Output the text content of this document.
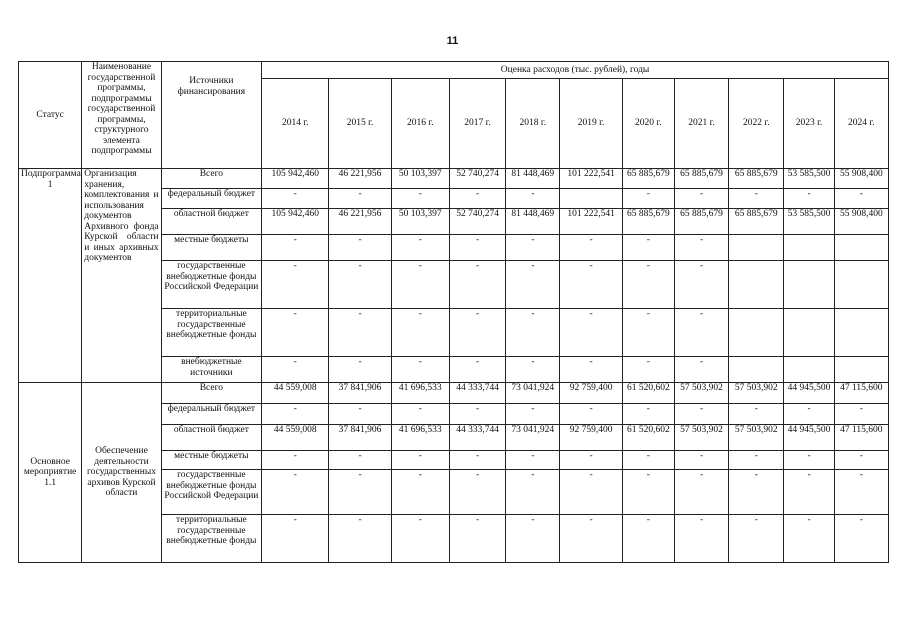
11
Статус	Наименование государственной программы, подпрограммы государственной программы, структурного элемента подпрограммы	Источники финансирования	Оценка расходов (тыс. рублей), годы										
			2014 г.	2015 г.	2016 г.	2017 г.	2018 г.	2019 г.	2020 г.	2021 г.	2022 г.	2023 г.	2024 г.
Подпрограмма 1	Организация хранения, комплектования и использования документов Архивного фонда Курской области и иных архивных документов	Всего	105 942,460	46 221,956	50 103,397	52 740,274	81 448,469	101 222,541	65 885,679	65 885,679	65 885,679	53 585,500	55 908,400
		федеральный бюджет	-	-	-	-	-		-	-	-	-	-
		областной бюджет	105 942,460	46 221,956	50 103,397	52 740,274	81 448,469	101 222,541	65 885,679	65 885,679	65 885,679	53 585,500	55 908,400
		местные бюджеты	-	-	-	-	-	-	-	-			
		государственные внебюджетные фонды Российской Федерации	-	-	-	-	-	-	-	-			
		территориальные государственные внебюджетные фонды	-	-	-	-	-	-	-	-			
		внебюджетные источники	-	-	-	-	-	-	-	-			
Основное мероприятие 1.1	Обеспечение деятельности государственных архивов Курской области	Всего	44 559,008	37 841,906	41 696,533	44 333,744	73 041,924	92 759,400	61 520,602	57 503,902	57 503,902	44 945,500	47 115,600
		федеральный бюджет	-	-	-	-	-	-	-	-	-	-	-
		областной бюджет	44 559,008	37 841,906	41 696,533	44 333,744	73 041,924	92 759,400	61 520,602	57 503,902	57 503,902	44 945,500	47 115,600
		местные бюджеты	-	-	-	-	-	-	-	-	-	-	-
		государственные внебюджетные фонды Российской Федерации	-	-	-	-	-	-	-	-	-	-	-
		территориальные государственные внебюджетные фонды	-	-	-	-	-	-	-	-	-	-	-
